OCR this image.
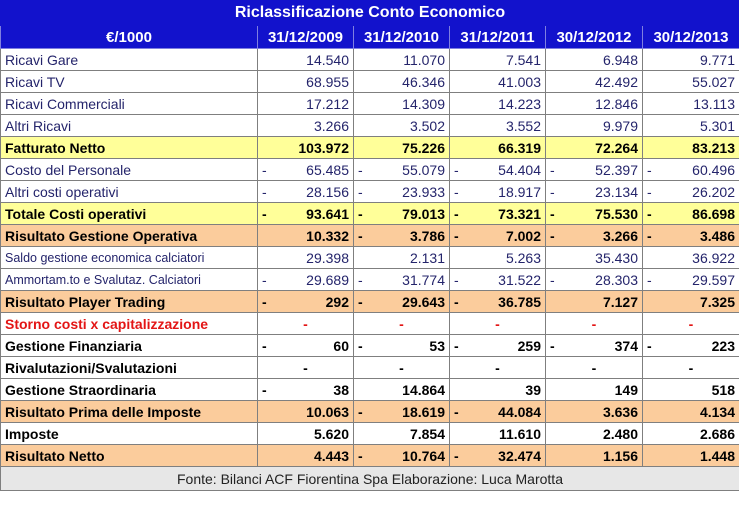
Riclassificazione Conto Economico					
€/1000	31/12/2009	31/12/2010	31/12/2011	30/12/2012	30/12/2013
Ricavi Gare	14.540	11.070	7.541	6.948	9.771

Ricavi TV	68.955	46.346	41.003	42.492	55.027

Ricavi Commerciali	17.212	14.309	14.223	12.846	13.113

Altri Ricavi	3.266	3.502	3.552	9.979	5.301

Fatturato Netto	103.972	75.226	66.319	72.264	83.213

Costo del Personale	- 65.485	- 55.079	- 54.404	- 52.397	- 60.496

Altri costi operativi	- 28.156	- 23.933	- 18.917	- 23.134	- 26.202

Totale Costi operativi	- 93.641	- 79.013	- 73.321	- 75.530	- 86.698

Risultato Gestione Operativa	10.332	- 3.786	- 7.002	- 3.266	- 3.486

Saldo gestione economica calciatori	29.398	2.131	5.263	35.430	36.922

Ammortam.to e Svalutaz. Calciatori	- 29.689	- 31.774	- 31.522	- 28.303	- 29.597

Risultato Player Trading	- 292	- 29.643	- 36.785	7.127	7.325

Storno costi x capitalizzazione	-	-	-	-	-
Gestione Finanziaria	- 60	- 53	- 259	- 374	- 223

Rivalutazioni/Svalutazioni	-	-	-	-	-
Gestione Straordinaria	- 38	14.864	39	149	518

Risultato Prima delle Imposte	10.063	- 18.619	- 44.084	3.636	4.134

Imposte	5.620	7.854	11.610	2.480	2.686

Risultato Netto	4.443	- 10.764	- 32.474	1.156	1.448

Fonte: Bilanci ACF Fiorentina Spa Elaborazione: Luca Marotta					
